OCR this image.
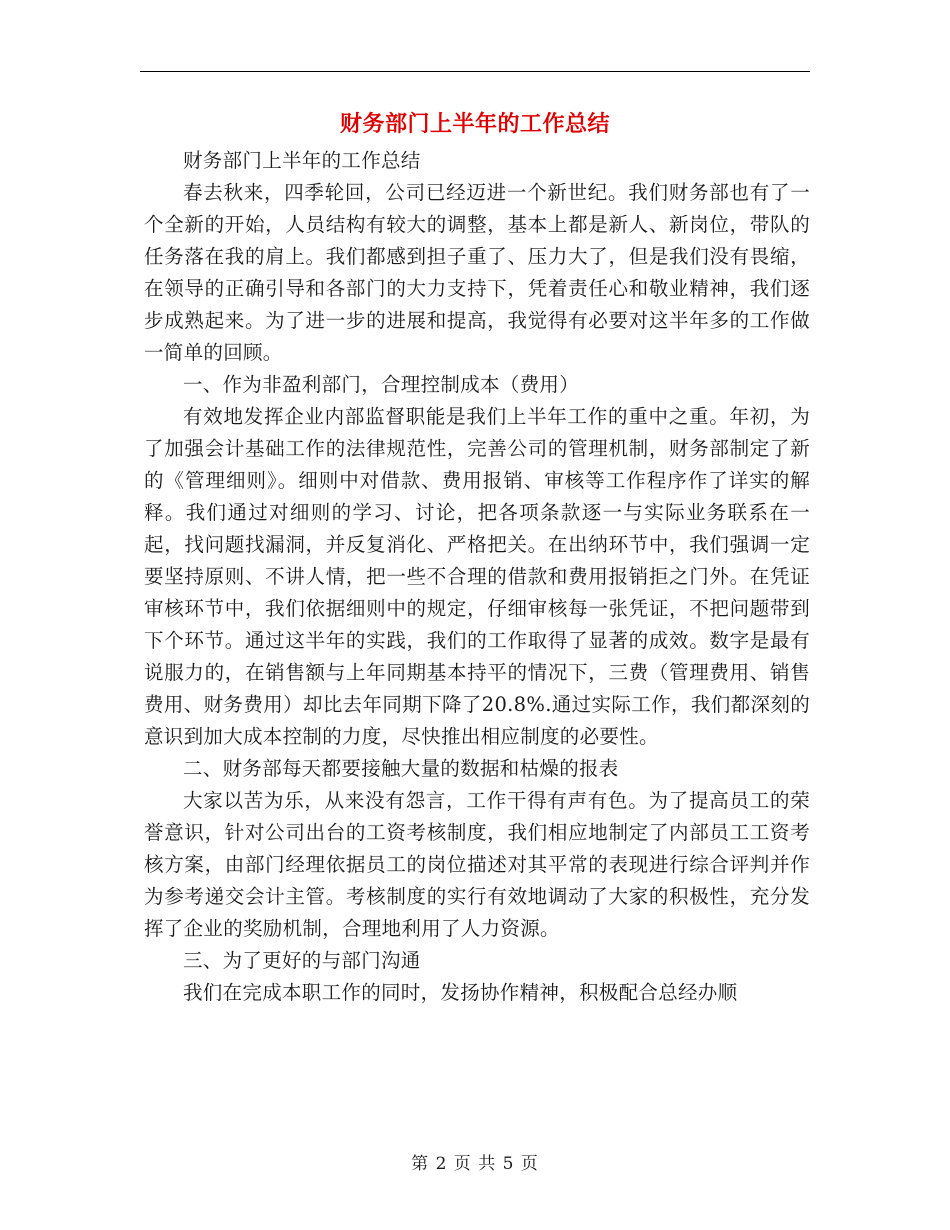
财务部门上半年的工作总结

财务部门上半年的工作总结

春去秋来，四季轮回，公司已经迈进一个新世纪。我们财务部也有了一个全新的开始，人员结构有较大的调整，基本上都是新人、新岗位，带队的任务落在我的肩上。我们都感到担子重了、压力大了，但是我们没有畏缩，在领导的正确引导和各部门的大力支持下，凭着责任心和敬业精神，我们逐步成熟起来。为了进一步的进展和提高，我觉得有必要对这半年多的工作做一简单的回顾。

一、作为非盈利部门，合理控制成本（费用）

有效地发挥企业内部监督职能是我们上半年工作的重中之重。年初，为了加强会计基础工作的法律规范性，完善公司的管理机制，财务部制定了新的《管理细则》。细则中对借款、费用报销、审核等工作程序作了详实的解释。我们通过对细则的学习、讨论，把各项条款逐一与实际业务联系在一起，找问题找漏洞，并反复消化、严格把关。在出纳环节中，我们强调一定要坚持原则、不讲人情，把一些不合理的借款和费用报销拒之门外。在凭证审核环节中，我们依据细则中的规定，仔细审核每一张凭证，不把问题带到下个环节。通过这半年的实践，我们的工作取得了显著的成效。数字是最有说服力的，在销售额与上年同期基本持平的情况下，三费（管理费用、销售费用、财务费用）却比去年同期下降了20.8%.通过实际工作，我们都深刻的意识到加大成本控制的力度，尽快推出相应制度的必要性。

二、财务部每天都要接触大量的数据和枯燥的报表

大家以苦为乐，从来没有怨言，工作干得有声有色。为了提高员工的荣誉意识，针对公司出台的工资考核制度，我们相应地制定了内部员工工资考核方案，由部门经理依据员工的岗位描述对其平常的表现进行综合评判并作为参考递交会计主管。考核制度的实行有效地调动了大家的积极性，充分发挥了企业的奖励机制，合理地利用了人力资源。

三、为了更好的与部门沟通

我们在完成本职工作的同时，发扬协作精神，积极配合总经办顺

第 2 页 共 5 页
